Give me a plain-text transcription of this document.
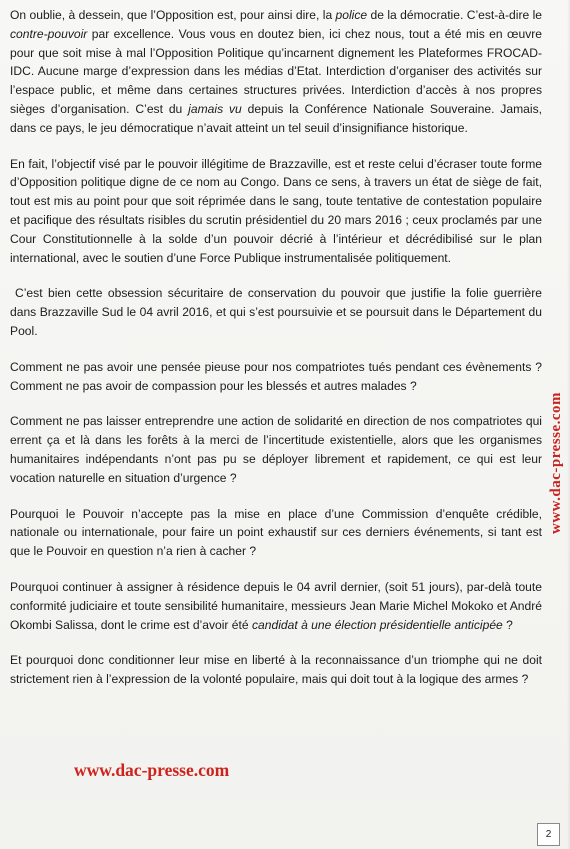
On oublie, à dessein, que l’Opposition est, pour ainsi dire, la police de la démocratie. C’est-à-dire le contre-pouvoir par excellence. Vous vous en doutez bien, ici chez nous, tout a été mis en œuvre pour que soit mise à mal l’Opposition Politique qu’incarnent dignement les Plateformes FROCAD-IDC. Aucune marge d’expression dans les médias d’Etat. Interdiction d’organiser des activités sur l’espace public, et même dans certaines structures privées. Interdiction d’accès à nos propres sièges d’organisation. C’est du jamais vu depuis la Conférence Nationale Souveraine. Jamais, dans ce pays, le jeu démocratique n’avait atteint un tel seuil d’insignifiance historique.

En fait, l’objectif visé par le pouvoir illégitime de Brazzaville, est et reste celui d’écraser toute forme d’Opposition politique digne de ce nom au Congo. Dans ce sens, à travers un état de siège de fait, tout est mis au point pour que soit réprimée dans le sang, toute tentative de contestation populaire et pacifique des résultats risibles du scrutin présidentiel du 20 mars 2016 ; ceux proclamés par une Cour Constitutionnelle à la solde d’un pouvoir décrié à l’intérieur et décrédibilisé sur le plan international, avec le soutien d’une Force Publique instrumentalisée politiquement.

C’est bien cette obsession sécuritaire de conservation du pouvoir que justifie la folie guerrière dans Brazzaville Sud le 04 avril 2016, et qui s’est poursuivie et se poursuit dans le Département du Pool.

Comment ne pas avoir une pensée pieuse pour nos compatriotes tués pendant ces évènements ? Comment ne pas avoir de compassion pour les blessés et autres malades ?

Comment ne pas laisser entreprendre une action de solidarité en direction de nos compatriotes qui errent ça et là dans les forêts à la merci de l’incertitude existentielle, alors que les organismes humanitaires indépendants n’ont pas pu se déployer librement et rapidement, ce qui est leur vocation naturelle en situation d’urgence ?

Pourquoi le Pouvoir n’accepte pas la mise en place d’une Commission d’enquête crédible, nationale ou internationale, pour faire un point exhaustif sur ces derniers événements, si tant est que le Pouvoir en question n’a rien à cacher ?

Pourquoi continuer à assigner à résidence depuis le 04 avril dernier, (soit 51 jours), par-delà toute conformité judiciaire et toute sensibilité humanitaire, messieurs Jean Marie Michel Mokoko et André Okombi Salissa, dont le crime est d’avoir été candidat à une élection présidentielle anticipée ?

Et pourquoi donc conditionner leur mise en liberté à la reconnaissance d’un triomphe qui ne doit strictement rien à l’expression de la volonté populaire, mais qui doit tout à la logique des armes ?

www.dac-presse.com
www.dac-presse.com
2
